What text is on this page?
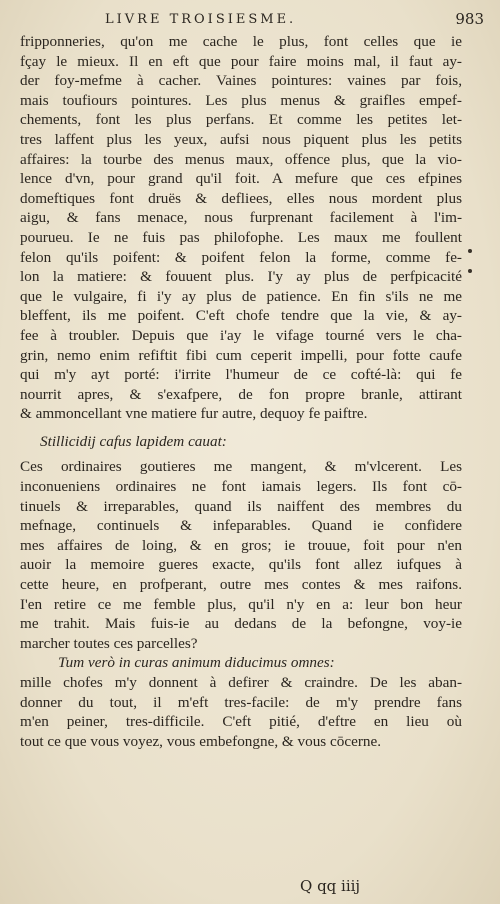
LIVRE TROISIESME.	983
fripponneries, qu'on me cache le plus, font celles que ie
fçay le mieux. Il en eft que pour faire moins mal, il faut ay-
der foy-mefme à cacher. Vaines pointures: vaines par fois,
mais toufiours pointures. Les plus menus & graifles empef-
chements, font les plus perfans. Et comme les petites let-
tres laffent plus les yeux, aufsi nous piquent plus les petits
affaires: la tourbe des menus maux, offence plus, que la vio-
lence d'vn, pour grand qu'il foit. A mefure que ces efpines
domeftiques font druës & defliees, elles nous mordent plus
aigu, & fans menace, nous furprenant facilement à l'im-
pourueu. Ie ne fuis pas philofophe. Les maux me foullent
felon qu'ils poifent: & poifent felon la forme, comme fe-
lon la matiere: & fouuent plus. I'y ay plus de perfpicacité
que le vulgaire, fi i'y ay plus de patience. En fin s'ils ne me
bleffent, ils me poifent. C'eft chofe tendre que la vie, & ay-
fee à troubler. Depuis que i'ay le vifage tourné vers le cha-
grin, nemo enim refiftit fibi cum ceperit impelli, pour fotte caufe
qui m'y ayt porté: i'irrite l'humeur de ce cofté-là: qui fe
nourrit apres, & s'exafpere, de fon propre branle, attirant
& ammoncellant vne matiere fur autre, dequoy fe paiftre.
Stillicidij cafus lapidem cauat:
Ces ordinaires goutieres me mangent, & m'vlcerent. Les
inconueniens ordinaires ne font iamais legers. Ils font cō-
tinuels & irreparables, quand ils naiffent des membres du
mefnage, continuels & infeparables. Quand ie confidere
mes affaires de loing, & en gros; ie trouue, foit pour n'en
auoir la memoire gueres exacte, qu'ils font allez iufques à
cette heure, en profperant, outre mes contes & mes raifons.
I'en retire ce me femble plus, qu'il n'y en a: leur bon heur
me trahit. Mais fuis-ie au dedans de la befongne, voy-ie
marcher toutes ces parcelles?
Tum verò in curas animum diducimus omnes:
mille chofes m'y donnent à defirer & craindre. De les aban-
donner du tout, il m'eft tres-facile: de m'y prendre fans
m'en peiner, tres-difficile. C'eft pitié, d'eftre en lieu où
tout ce que vous voyez, vous embefongne, & vous cōcerne.
Q qq iiij
